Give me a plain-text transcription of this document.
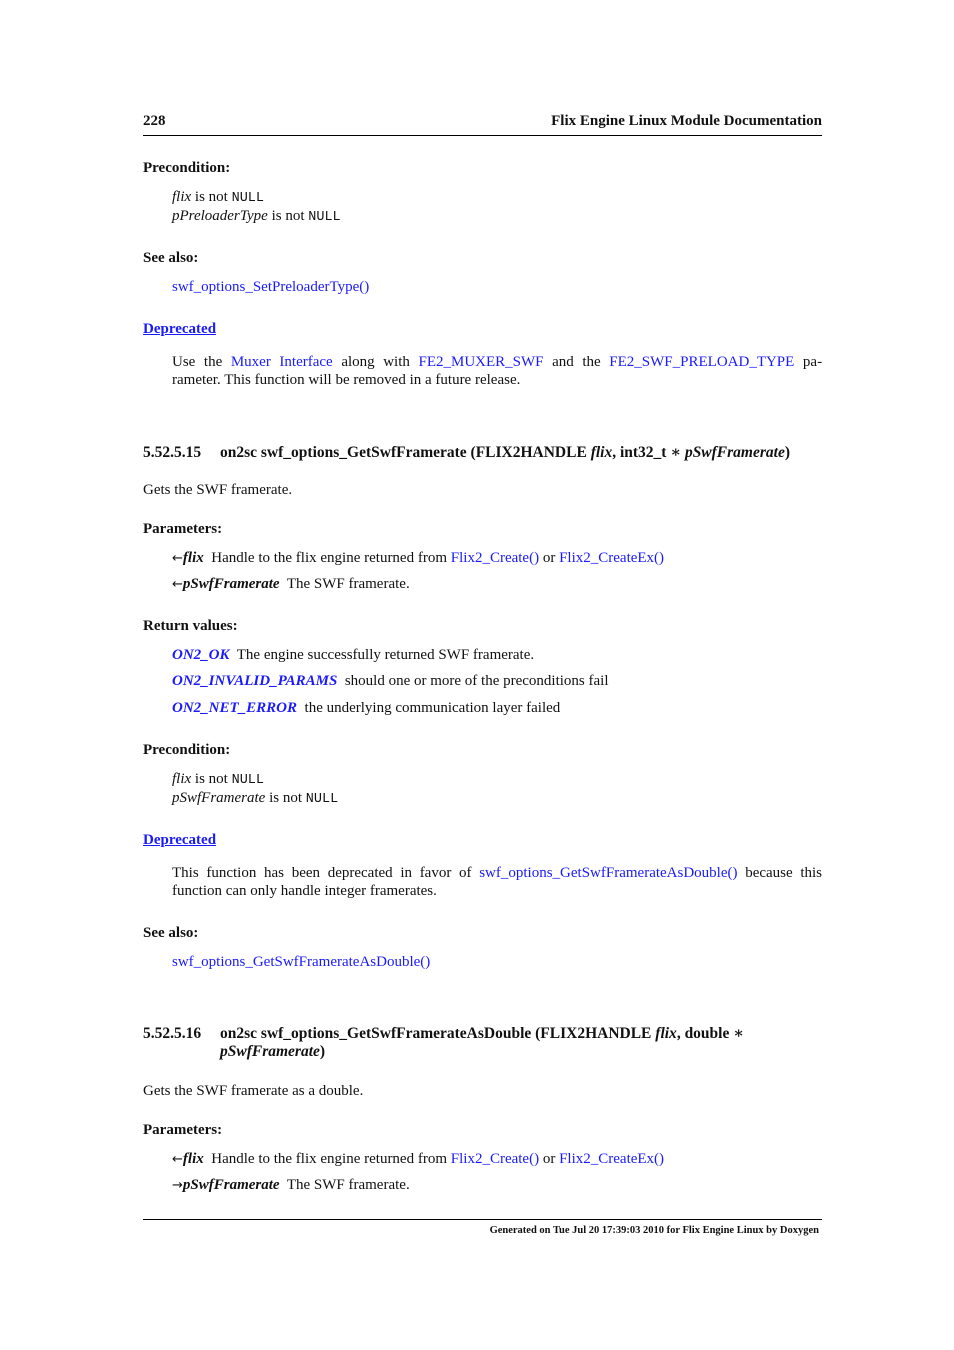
228	Flix Engine Linux Module Documentation
Precondition:
flix is not NULL
pPreloaderType is not NULL
See also:
swf_options_SetPreloaderType()
Deprecated
Use the Muxer Interface along with FE2_MUXER_SWF and the FE2_SWF_PRELOAD_TYPE pa-
rameter. This function will be removed in a future release.
5.52.5.15 on2sc swf_options_GetSwfFramerate (FLIX2HANDLE flix, int32_t ∗ pSwfFramerate)
Gets the SWF framerate.
Parameters:
←flix Handle to the flix engine returned from Flix2_Create() or Flix2_CreateEx()
←pSwfFramerate The SWF framerate.
Return values:
ON2_OK The engine successfully returned SWF framerate.
ON2_INVALID_PARAMS should one or more of the preconditions fail
ON2_NET_ERROR the underlying communication layer failed
Precondition:
flix is not NULL
pSwfFramerate is not NULL
Deprecated
This function has been deprecated in favor of swf_options_GetSwfFramerateAsDouble() because this
function can only handle integer framerates.
See also:
swf_options_GetSwfFramerateAsDouble()
5.52.5.16 on2sc swf_options_GetSwfFramerateAsDouble (FLIX2HANDLE flix, double ∗
pSwfFramerate)
Gets the SWF framerate as a double.
Parameters:
←flix Handle to the flix engine returned from Flix2_Create() or Flix2_CreateEx()
→pSwfFramerate The SWF framerate.
Generated on Tue Jul 20 17:39:03 2010 for Flix Engine Linux by Doxygen
